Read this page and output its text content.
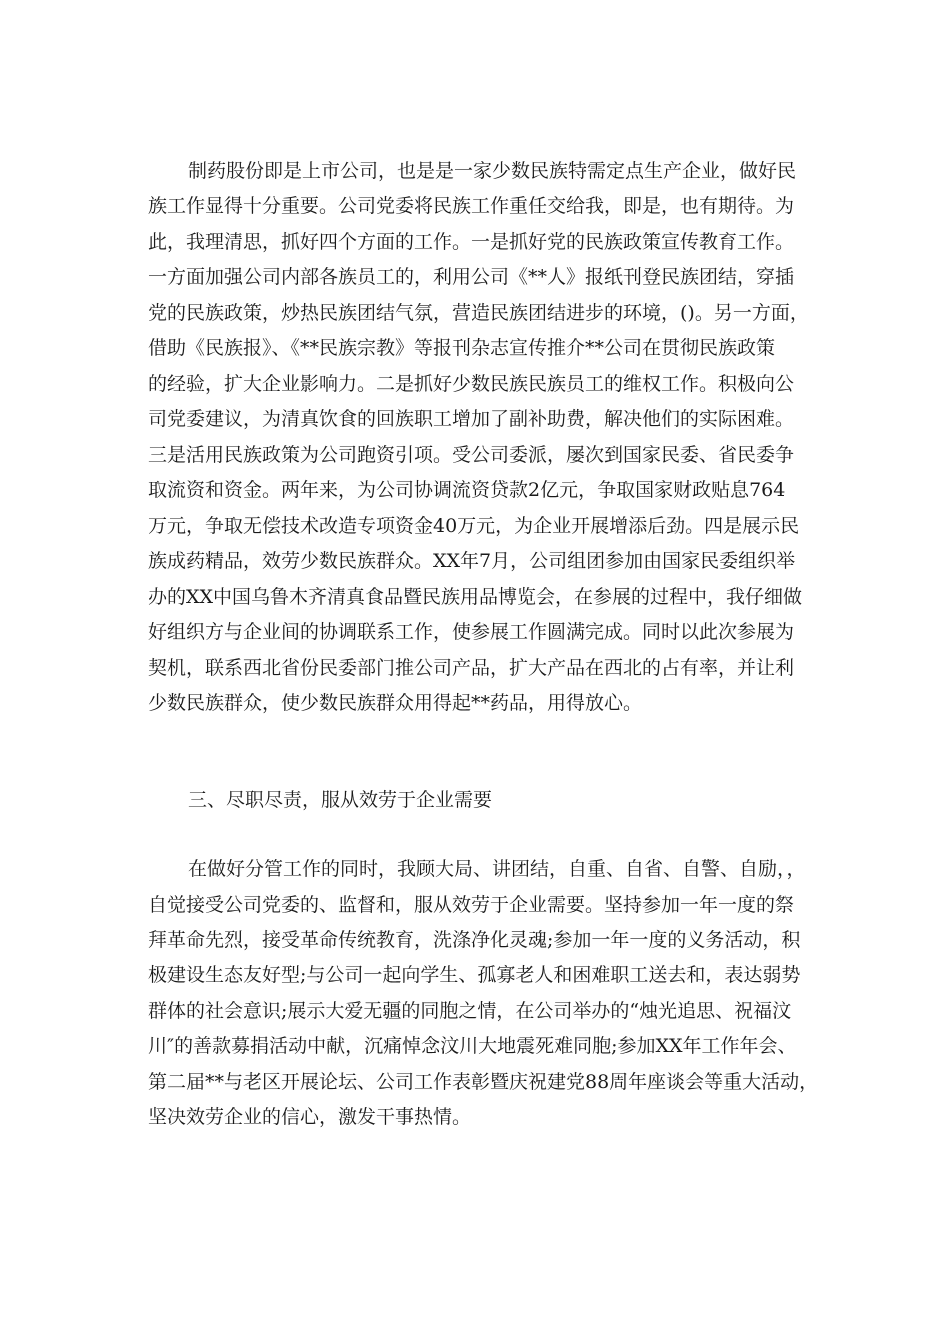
制药股份即是上市公司，也是是一家少数民族特需定点生产企业，做好民
族工作显得十分重要。公司党委将民族工作重任交给我，即是，也有期待。为
此，我理清思，抓好四个方面的工作。一是抓好党的民族政策宣传教育工作。
一方面加强公司内部各族员工的，利用公司《**人》报纸刊登民族团结，穿插
党的民族政策，炒热民族团结气氛，营造民族团结进步的环境，()。另一方面，
借助《民族报》、《**民族宗教》等报刊杂志宣传推介**公司在贯彻民族政策
的经验，扩大企业影响力。二是抓好少数民族民族员工的维权工作。积极向公
司党委建议，为清真饮食的回族职工增加了副补助费，解决他们的实际困难。
三是活用民族政策为公司跑资引项。受公司委派，屡次到国家民委、省民委争
取流资和资金。两年来，为公司协调流资贷款2亿元，争取国家财政贴息764
万元，争取无偿技术改造专项资金40万元，为企业开展增添后劲。四是展示民
族成药精品，效劳少数民族群众。XX年7月，公司组团参加由国家民委组织举
办的XX中国乌鲁木齐清真食品暨民族用品博览会，在参展的过程中，我仔细做
好组织方与企业间的协调联系工作，使参展工作圆满完成。同时以此次参展为
契机，联系西北省份民委部门推公司产品，扩大产品在西北的占有率，并让利
少数民族群众，使少数民族群众用得起**药品，用得放心。
三、尽职尽责，服从效劳于企业需要
在做好分管工作的同时，我顾大局、讲团结，自重、自省、自警、自励，，
自觉接受公司党委的、监督和，服从效劳于企业需要。坚持参加一年一度的祭
拜革命先烈，接受革命传统教育，洗涤净化灵魂;参加一年一度的义务活动，积
极建设生态友好型;与公司一起向学生、孤寡老人和困难职工送去和，表达弱势
群体的社会意识;展示大爱无疆的同胞之情，在公司举办的“烛光追思、祝福汶
川″的善款募捐活动中献，沉痛悼念汶川大地震死难同胞;参加XX年工作年会、
第二届**与老区开展论坛、公司工作表彰暨庆祝建党88周年座谈会等重大活动，
坚决效劳企业的信心，激发干事热情。
